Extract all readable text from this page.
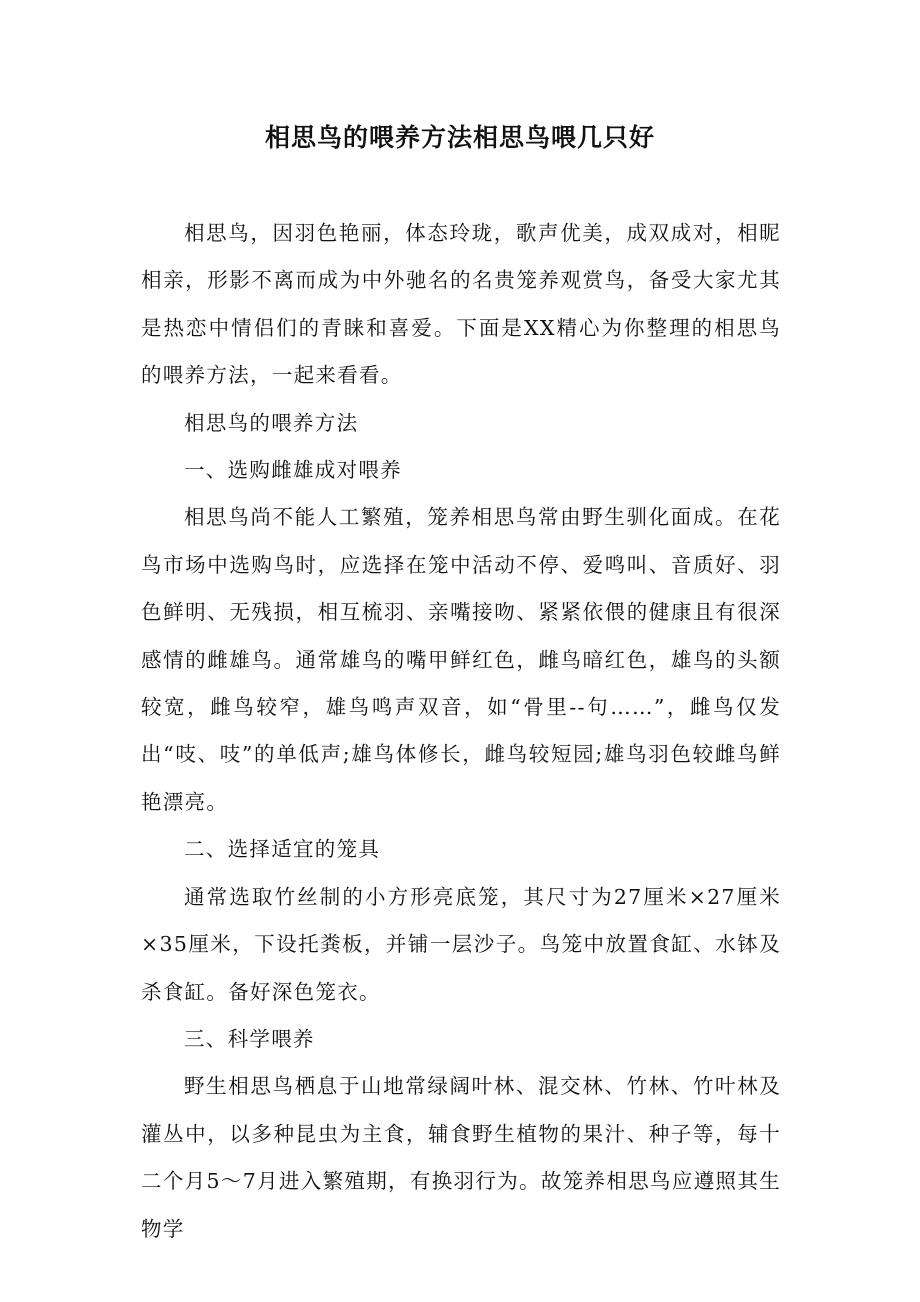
相思鸟的喂养方法相思鸟喂几只好

相思鸟，因羽色艳丽，体态玲珑，歌声优美，成双成对，相昵相亲，形影不离而成为中外驰名的名贵笼养观赏鸟，备受大家尤其是热恋中情侣们的青睐和喜爱。下面是XX精心为你整理的相思鸟的喂养方法，一起来看看。

相思鸟的喂养方法

一、选购雌雄成对喂养

相思鸟尚不能人工繁殖，笼养相思鸟常由野生驯化面成。在花鸟市场中选购鸟时，应选择在笼中活动不停、爱鸣叫、音质好、羽色鲜明、无残损，相互梳羽、亲嘴接吻、紧紧依偎的健康且有很深感情的雌雄鸟。通常雄鸟的嘴甲鲜红色，雌鸟暗红色，雄鸟的头额较宽，雌鸟较窄，雄鸟鸣声双音，如“骨里--句……”，雌鸟仅发出“吱、吱”的单低声;雄鸟体修长，雌鸟较短园;雄鸟羽色较雌鸟鲜艳漂亮。

二、选择适宜的笼具

通常选取竹丝制的小方形亮底笼，其尺寸为27厘米×27厘米×35厘米，下设托粪板，并铺一层沙子。鸟笼中放置食缸、水钵及杀食缸。备好深色笼衣。

三、科学喂养

野生相思鸟栖息于山地常绿阔叶林、混交林、竹林、竹叶林及灌丛中，以多种昆虫为主食，辅食野生植物的果汁、种子等，每十二个月5～7月进入繁殖期，有换羽行为。故笼养相思鸟应遵照其生物学
